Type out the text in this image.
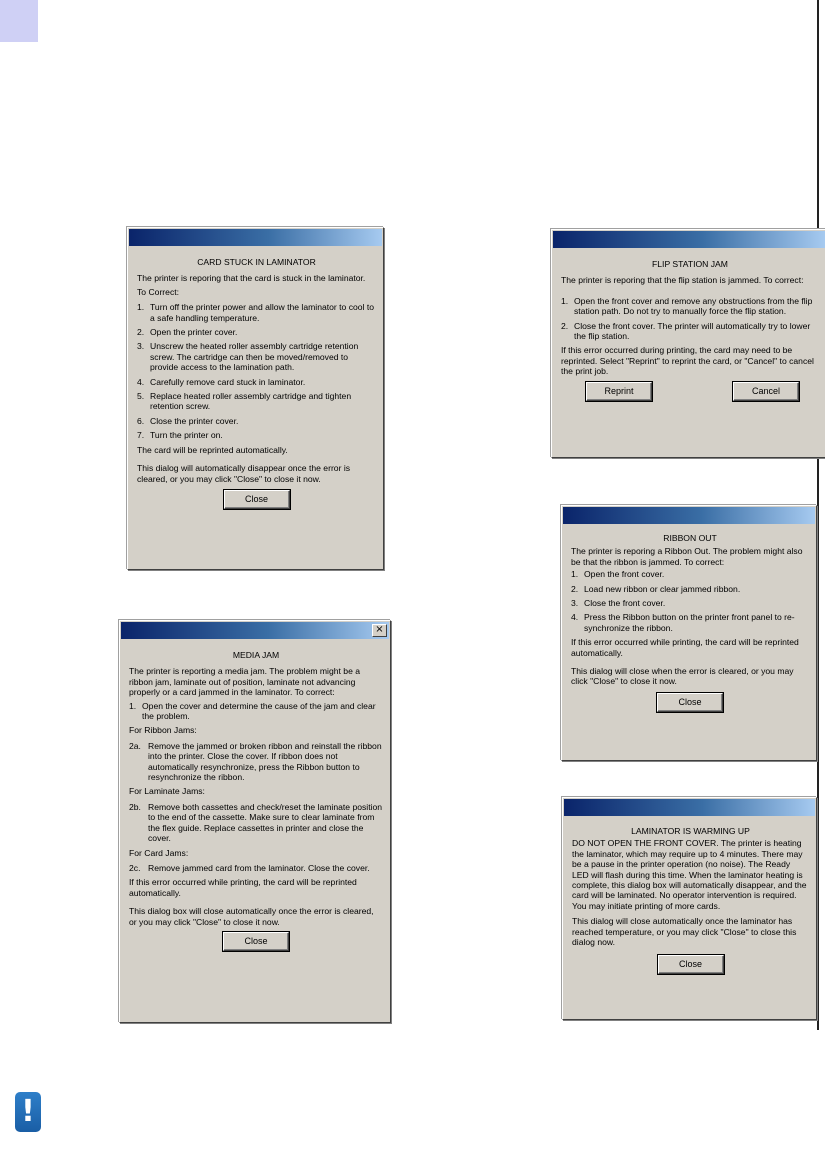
CARD STUCK IN LAMINATOR
The printer is reporing that the card is stuck in the laminator.
To Correct:
1. Turn off the printer power and allow the laminator to cool to a safe handling temperature.
2. Open the printer cover.
3. Unscrew the heated roller assembly cartridge retention screw. The cartridge can then be moved/removed to provide access to the lamination path.
4. Carefully remove card stuck in laminator.
5. Replace heated roller assembly cartridge and tighten retention screw.
6. Close the printer cover.
7. Turn the printer on.
The card will be reprinted automatically.
This dialog will automatically disappear once the error is cleared, or you may click "Close" to close it now.
Close
FLIP STATION JAM
The printer is reporing that the flip station is jammed. To correct:
1. Open the front cover and remove any obstructions from the flip station path. Do not try to manually force the flip station.
2. Close the front cover. The printer will automatically try to lower the flip station.
If this error occurred during printing, the card may need to be reprinted. Select "Reprint" to reprint the card, or "Cancel" to cancel the print job.
Reprint	Cancel
×
MEDIA JAM
The printer is reporting a media jam. The problem might be a ribbon jam, laminate out of position, laminate not advancing properly or a card jammed in the laminator. To correct:
1. Open the cover and determine the cause of the jam and clear the problem.
For Ribbon Jams:
2a. Remove the jammed or broken ribbon and reinstall the ribbon into the printer. Close the cover. If ribbon does not automatically resynchronize, press the Ribbon button to resynchronize the ribbon.
For Laminate Jams:
2b. Remove both cassettes and check/reset the laminate position to the end of the cassette. Make sure to clear laminate from the flex guide. Replace cassettes in printer and close the cover.
For Card Jams:
2c. Remove jammed card from the laminator. Close the cover.
If this error occurred while printing, the card will be reprinted automatically.
This dialog box will close automatically once the error is cleared, or you may click "Close" to close it now.
Close
RIBBON OUT
The printer is reporing a Ribbon Out. The problem might also be that the ribbon is jammed. To correct:
1. Open the front cover.
2. Load new ribbon or clear jammed ribbon.
3. Close the front cover.
4. Press the Ribbon button on the printer front panel to re-synchronize the ribbon.
If this error occurred while printing, the card will be reprinted automatically.
This dialog will close when the error is cleared, or you may click "Close" to close it now.
Close
LAMINATOR IS WARMING UP
DO NOT OPEN THE FRONT COVER. The printer is heating the laminator, which may require up to 4 minutes. There may be a pause in the printer operation (no noise). The Ready LED will flash during this time. When the laminator heating is complete, this dialog box will automatically disappear, and the card will be laminated. No operator intervention is required. You may initiate printing of more cards.
This dialog will close automatically once the laminator has reached temperature, or you may click "Close" to close this dialog now.
Close
!
